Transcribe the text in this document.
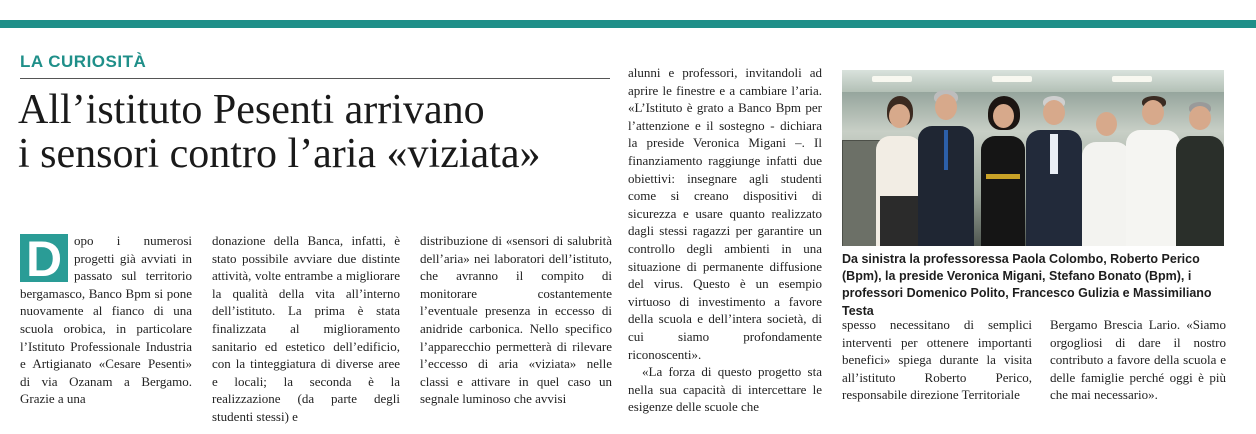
LA CURIOSITÀ
All’istituto Pesenti arrivano
i sensori contro l’aria «viziata»

D opo i numerosi progetti già avviati in passato sul territorio bergamasco, Banco Bpm si pone nuovamente al fianco di una scuola orobica, in particolare l’Istituto Professionale Industria e Artigianato «Cesare Pesenti» di via Ozanam a Bergamo. Grazie a una

donazione della Banca, infatti, è stato possibile avviare due distinte attività, volte entrambe a migliorare la qualità della vita all’interno dell’istituto. La prima è stata finalizzata al miglioramento sanitario ed estetico dell’edificio, con la tinteggiatura di diverse aree e locali; la seconda è la realizzazione (da parte degli studenti stessi) e

distribuzione di «sensori di salubrità dell’aria» nei laboratori dell’istituto, che avranno il compito di monitorare costantemente l’eventuale presenza in eccesso di anidride carbonica. Nello specifico l’apparecchio permetterà di rilevare l’eccesso di aria «viziata» nelle classi e attivare in quel caso un segnale luminoso che avvisi

alunni e professori, invitandoli ad aprire le finestre e a cambiare l’aria. «L’Istituto è grato a Banco Bpm per l’attenzione e il sostegno - dichiara la preside Veronica Migani –. Il finanziamento raggiunge infatti due obiettivi: insegnare agli studenti come si creano dispositivi di sicurezza e usare quanto realizzato dagli stessi ragazzi per garantire un controllo degli ambienti in una situazione di permanente diffusione del virus. Questo è un esempio virtuoso di investimento a favore della scuola e dell’intera società, di cui siamo profondamente riconoscenti».

«La forza di questo progetto sta nella sua capacità di intercettare le esigenze delle scuole che

spesso necessitano di semplici interventi per ottenere importanti benefici» spiega durante la visita all’istituto Roberto Perico, responsabile direzione Territoriale

Bergamo Brescia Lario. «Siamo orgogliosi di dare il nostro contributo a favore della scuola e delle famiglie perché oggi è più che mai necessario».

Da sinistra la professoressa Paola Colombo, Roberto Perico (Bpm), la preside Veronica Migani, Stefano Bonato (Bpm), i professori Domenico Polito, Francesco Gulizia e Massimiliano Testa
